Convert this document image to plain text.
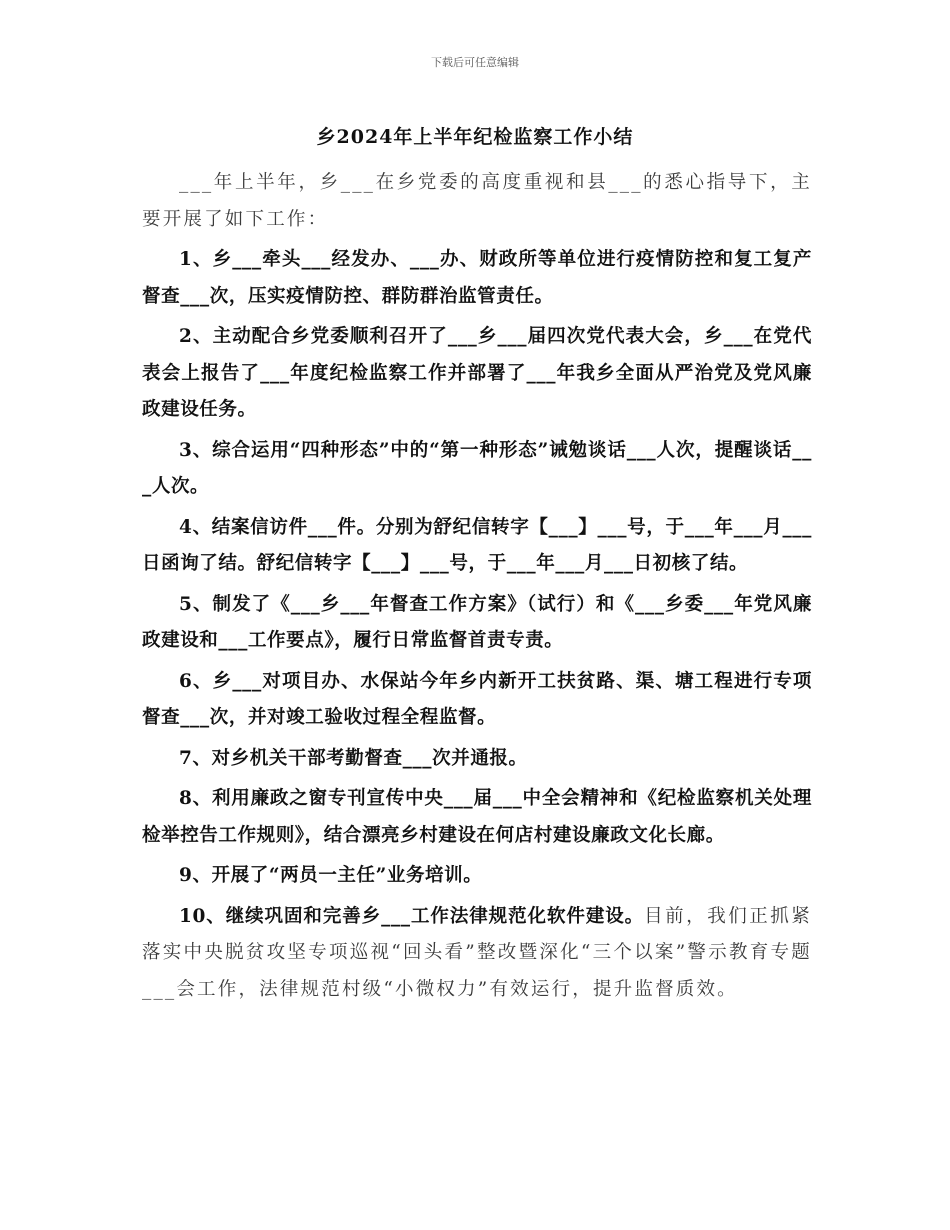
下载后可任意编辑
乡2024年上半年纪检监察工作小结

___年上半年，乡___在乡党委的高度重视和县___的悉心指导下，主要开展了如下工作：

1、乡___牵头___经发办、___办、财政所等单位进行疫情防控和复工复产督查___次，压实疫情防控、群防群治监管责任。

2、主动配合乡党委顺利召开了___乡___届四次党代表大会，乡___在党代表会上报告了___年度纪检监察工作并部署了___年我乡全面从严治党及党风廉政建设任务。

3、综合运用“四种形态”中的“第一种形态”诫勉谈话___人次，提醒谈话___人次。

4、结案信访件___件。分别为舒纪信转字【___】___号，于___年___月___日函询了结。舒纪信转字【___】___号，于___年___月___日初核了结。

5、制发了《___乡___年督查工作方案》（试行）和《___乡委___年党风廉政建设和___工作要点》，履行日常监督首责专责。

6、乡___对项目办、水保站今年乡内新开工扶贫路、渠、塘工程进行专项督查___次，并对竣工验收过程全程监督。

7、对乡机关干部考勤督查___次并通报。

8、利用廉政之窗专刊宣传中央___届___中全会精神和《纪检监察机关处理检举控告工作规则》，结合漂亮乡村建设在何店村建设廉政文化长廊。

9、开展了“两员一主任”业务培训。

10、继续巩固和完善乡___工作法律规范化软件建设。目前，我们正抓紧落实中央脱贫攻坚专项巡视“回头看”整改暨深化“三个以案”警示教育专题___会工作，法律规范村级“小微权力”有效运行，提升监督质效。
